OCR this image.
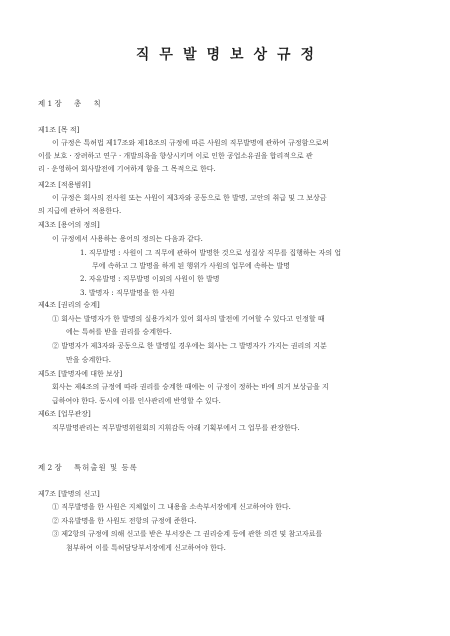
직무발명보상규정
제 1 장 총 칙
제1조 [목 적]
이 규정은 특허법 제17조와 제18조의 규정에 따른 사원의 직무발명에 관하여 규정함으로써
이를 보호 · 장려하고 연구 · 개발의욕을 향상시키며 이로 인한 공업소유권을 합리적으로 관
리 · 운영하여 회사발전에 기여하게 함을 그 목적으로 한다.
제2조 [적용범위]
이 규정은 회사의 전사원 또는 사원이 제3자와 공동으로 한 발명, 고안의 취급 및 그 보상금
의 지급에 관하여 적용한다.
제3조 [용어의 정의]
이 규정에서 사용하는 용어의 정의는 다음과 같다.
1. 직무발명 : 사원이 그 직무에 관하여 발명한 것으로 성질상 직무를 집행하는 자의 업
무에 속하고 그 발명을 하게 된 행위가 사원의 업무에 속하는 발명
2. 자유발명 : 직무발명 이외의 사원이 한 발명
3. 발명자 : 직무발명을 한 사원
제4조 [권리의 승계]
① 회사는 발명자가 한 발명의 실용가치가 있어 회사의 발전에 기여할 수 있다고 인정할 때
에는 특허를 받을 권리를 승계한다.
② 발명자가 제3자와 공동으로 한 발명일 경우에는 회사는 그 발명자가 가지는 권리의 지분
만을 승계한다.
제5조 [발명자에 대한 보상]
회사는 제4조의 규정에 따라 권리를 승계한 때에는 이 규정이 정하는 바에 의거 보상금을 지
급하여야 한다. 동시에 이를 인사관리에 반영할 수 있다.
제6조 [업무관장]
직무발명관리는 직무발명위원회의 지휘감독 아래 기획부에서 그 업무를 관장한다.
제 2 장 특허출원 및 등록
제7조 [발명의 신고]
① 직무발명을 한 사원은 지체없이 그 내용을 소속부서장에게 신고하여야 한다.
② 자유발명을 한 사원도 전항의 규정에 준한다.
③ 제2항의 규정에 의해 신고를 받은 부서장은 그 권리승계 등에 관한 의견 및 참고자료를
첨부하여 이를 특허담당부서장에게 신고하여야 한다.
